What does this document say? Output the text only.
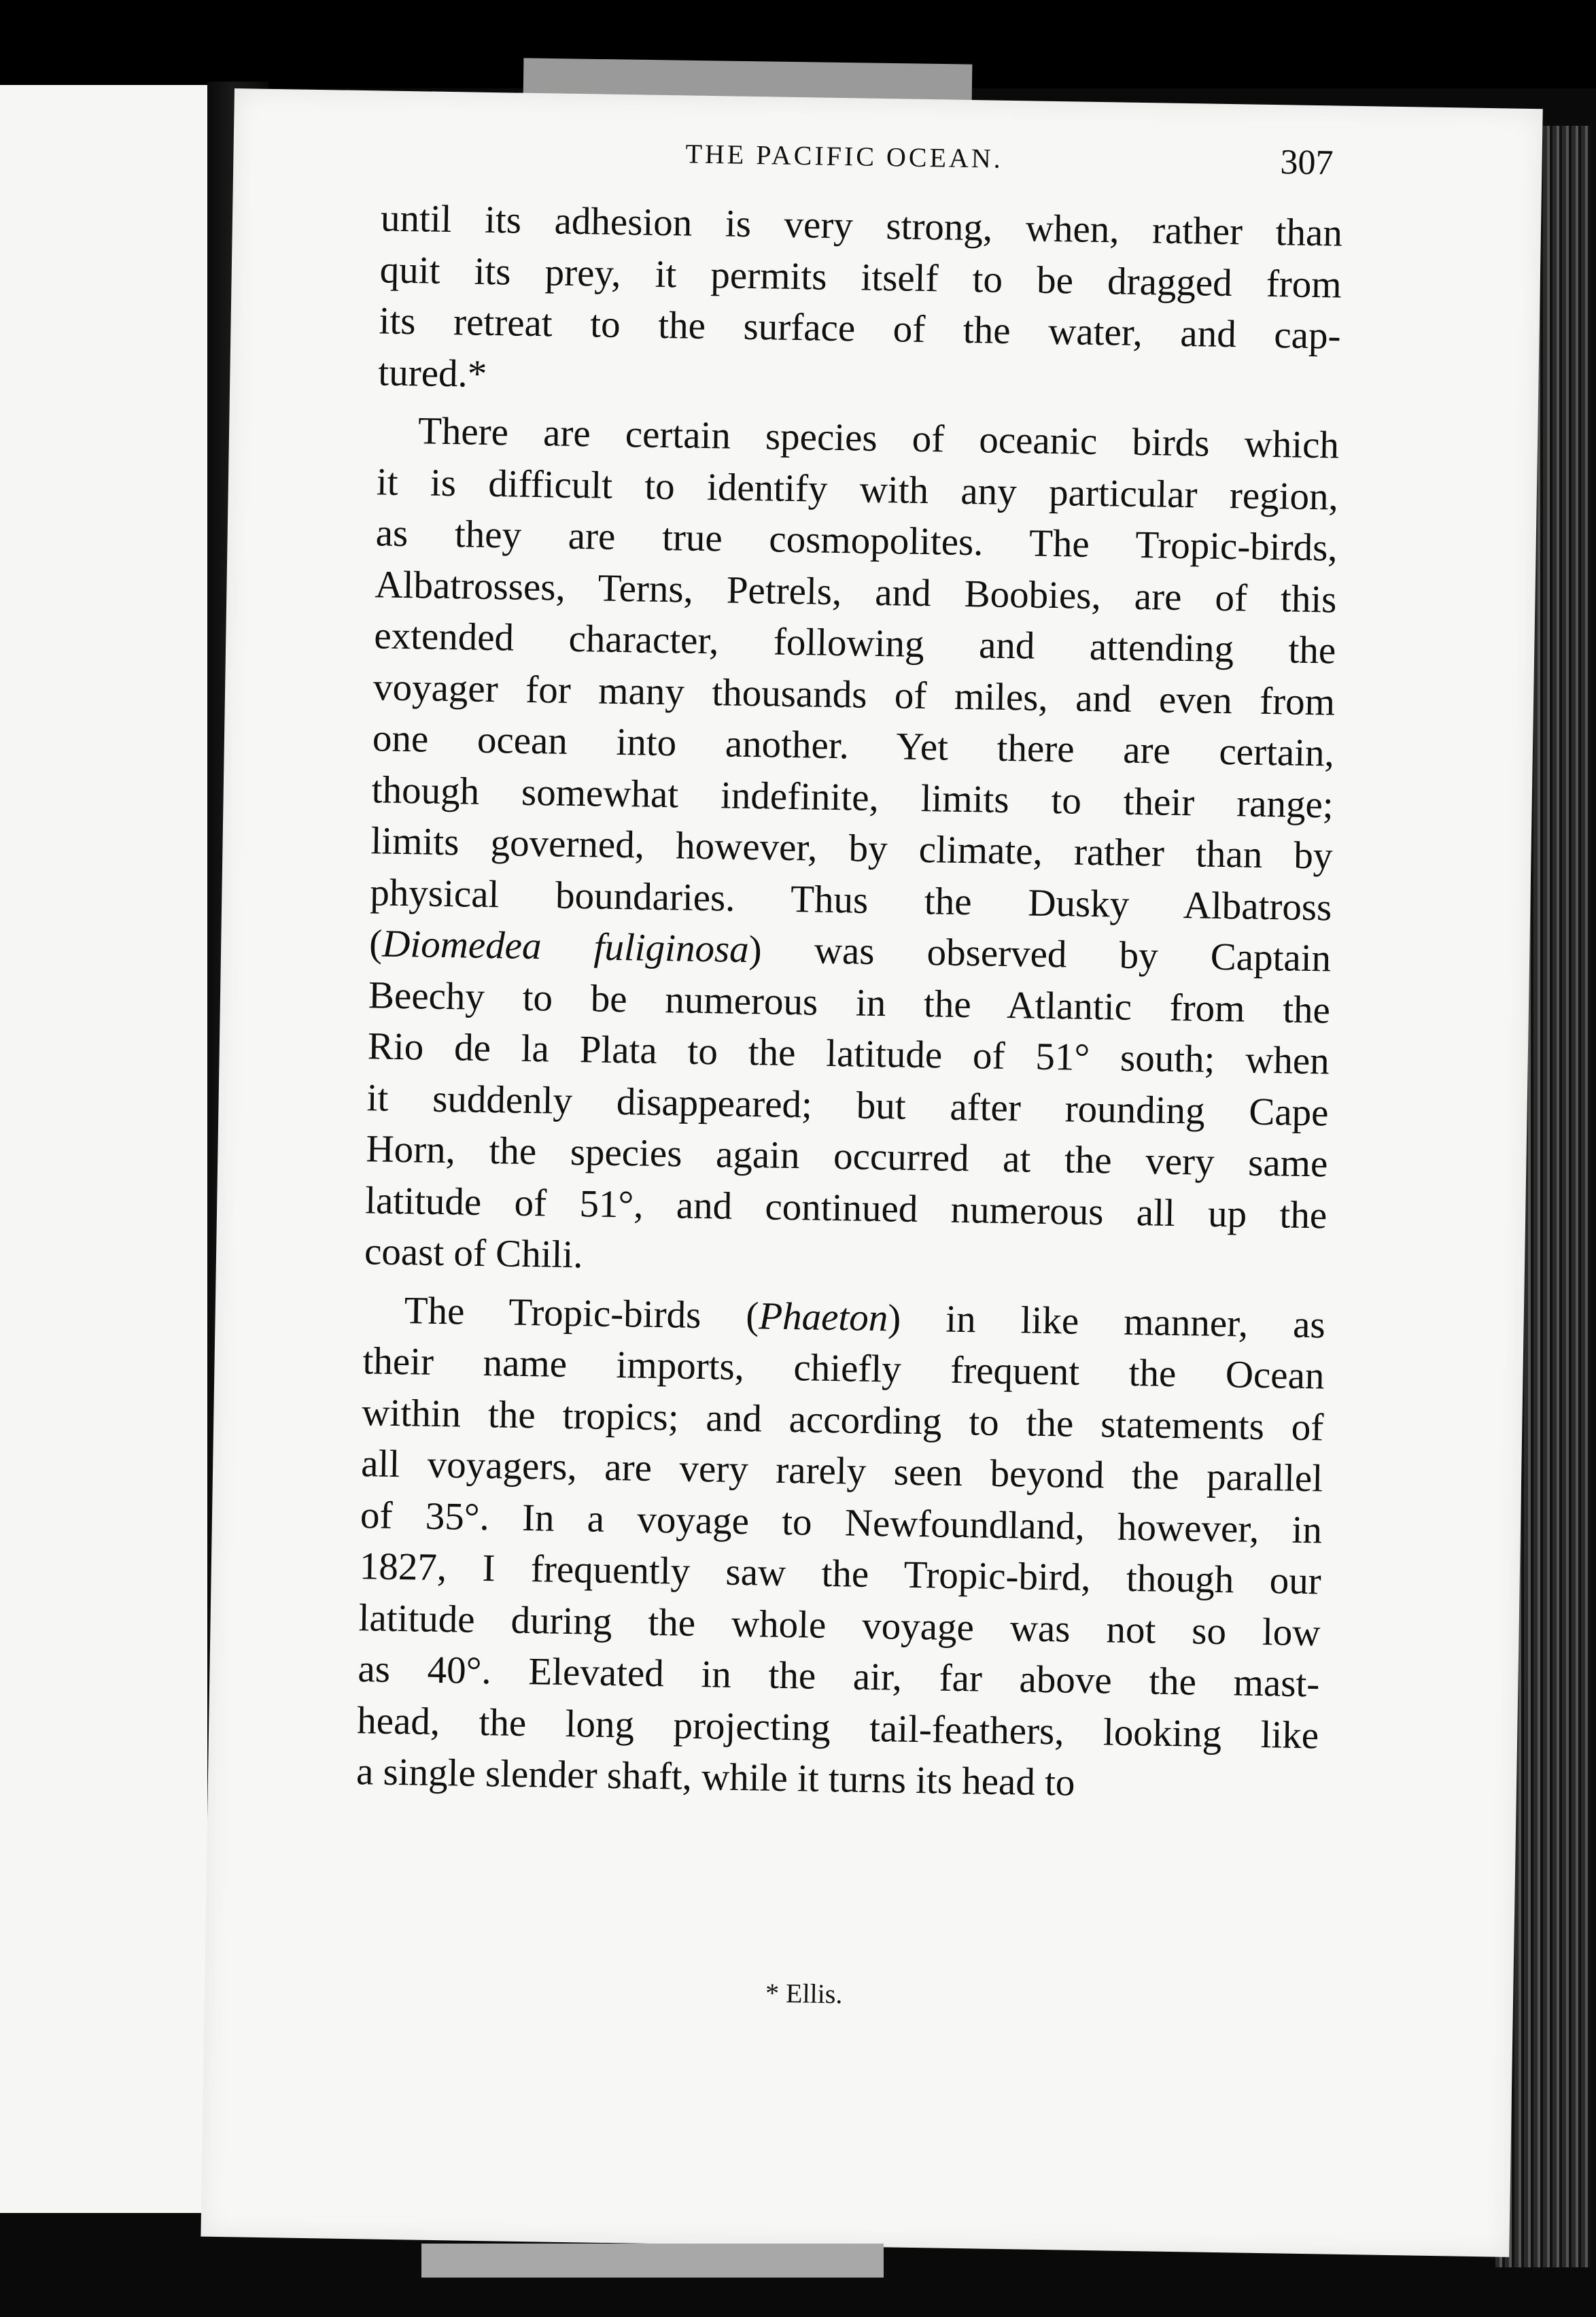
THE PACIFIC OCEAN.	307
until its adhesion is very strong, when, rather than
quit its prey, it permits itself to be dragged from
its retreat to the surface of the water, and cap-
tured.*
There are certain species of oceanic birds which
it is difficult to identify with any particular region,
as they are true cosmopolites. The Tropic-birds,
Albatrosses, Terns, Petrels, and Boobies, are of this
extended character, following and attending the
voyager for many thousands of miles, and even from
one ocean into another. Yet there are certain,
though somewhat indefinite, limits to their range;
limits governed, however, by climate, rather than by
physical boundaries. Thus the Dusky Albatross
(Diomedea fuliginosa) was observed by Captain
Beechy to be numerous in the Atlantic from the
Rio de la Plata to the latitude of 51° south; when
it suddenly disappeared; but after rounding Cape
Horn, the species again occurred at the very same
latitude of 51°, and continued numerous all up the
coast of Chili.
The Tropic-birds (Phaeton) in like manner, as
their name imports, chiefly frequent the Ocean
within the tropics; and according to the statements of
all voyagers, are very rarely seen beyond the parallel
of 35°. In a voyage to Newfoundland, however, in
1827, I frequently saw the Tropic-bird, though our
latitude during the whole voyage was not so low
as 40°. Elevated in the air, far above the mast-
head, the long projecting tail-feathers, looking like
a single slender shaft, while it turns its head to
* Ellis.
